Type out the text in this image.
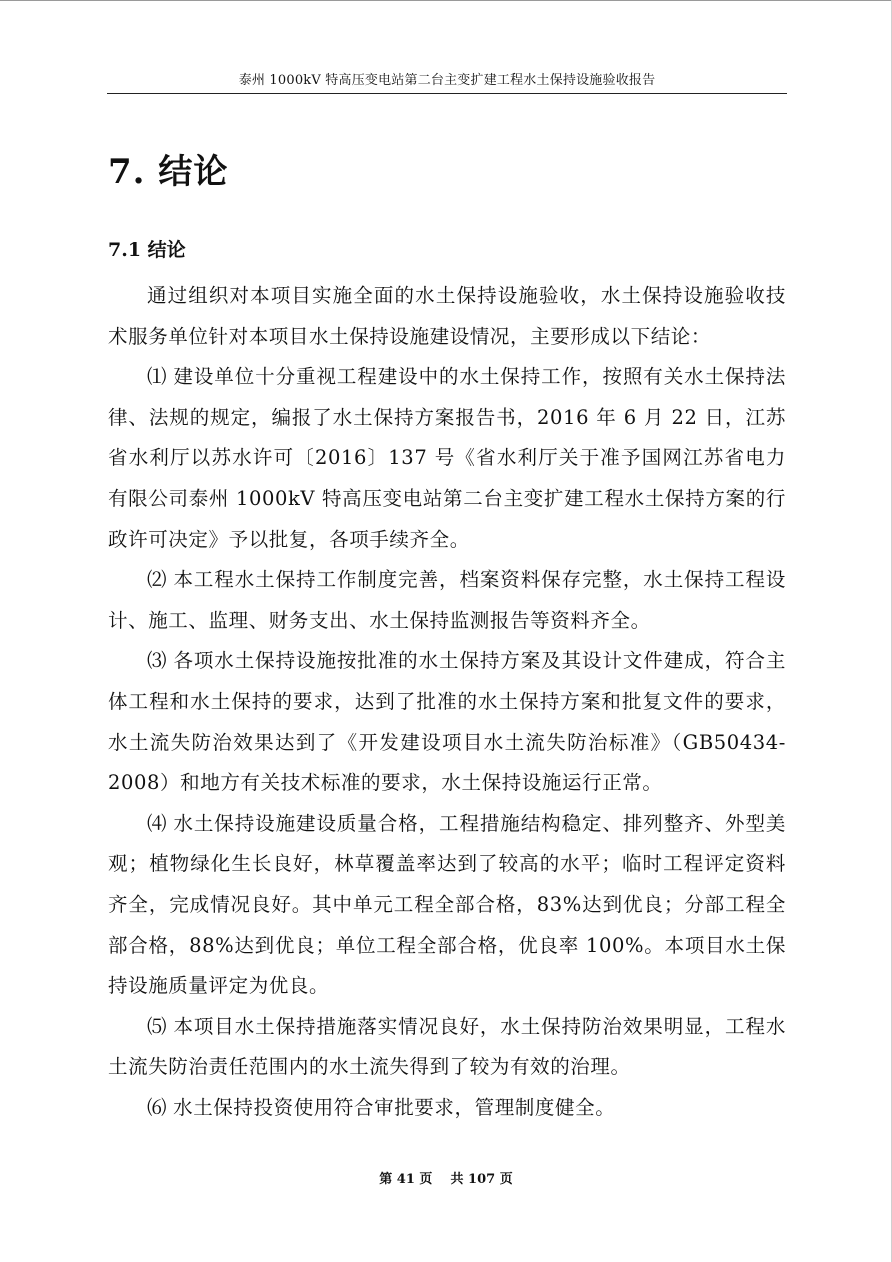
泰州 1000kV 特高压变电站第二台主变扩建工程水土保持设施验收报告
7. 结论
7.1 结论

通过组织对本项目实施全面的水土保持设施验收，水土保持设施验收技术服务单位针对本项目水土保持设施建设情况，主要形成以下结论：

⑴ 建设单位十分重视工程建设中的水土保持工作，按照有关水土保持法律、法规的规定，编报了水土保持方案报告书，2016 年 6 月 22 日，江苏省水利厅以苏水许可〔2016〕137 号《省水利厅关于准予国网江苏省电力有限公司泰州 1000kV 特高压变电站第二台主变扩建工程水土保持方案的行政许可决定》予以批复，各项手续齐全。

⑵ 本工程水土保持工作制度完善，档案资料保存完整，水土保持工程设计、施工、监理、财务支出、水土保持监测报告等资料齐全。

⑶ 各项水土保持设施按批准的水土保持方案及其设计文件建成，符合主体工程和水土保持的要求，达到了批准的水土保持方案和批复文件的要求，水土流失防治效果达到了《开发建设项目水土流失防治标准》（GB50434-2008）和地方有关技术标准的要求，水土保持设施运行正常。

⑷ 水土保持设施建设质量合格，工程措施结构稳定、排列整齐、外型美观；植物绿化生长良好，林草覆盖率达到了较高的水平；临时工程评定资料齐全，完成情况良好。其中单元工程全部合格，83%达到优良；分部工程全部合格，88%达到优良；单位工程全部合格，优良率 100%。本项目水土保持设施质量评定为优良。

⑸ 本项目水土保持措施落实情况良好，水土保持防治效果明显，工程水土流失防治责任范围内的水土流失得到了较为有效的治理。

⑹ 水土保持投资使用符合审批要求，管理制度健全。

第 41 页    共 107 页
